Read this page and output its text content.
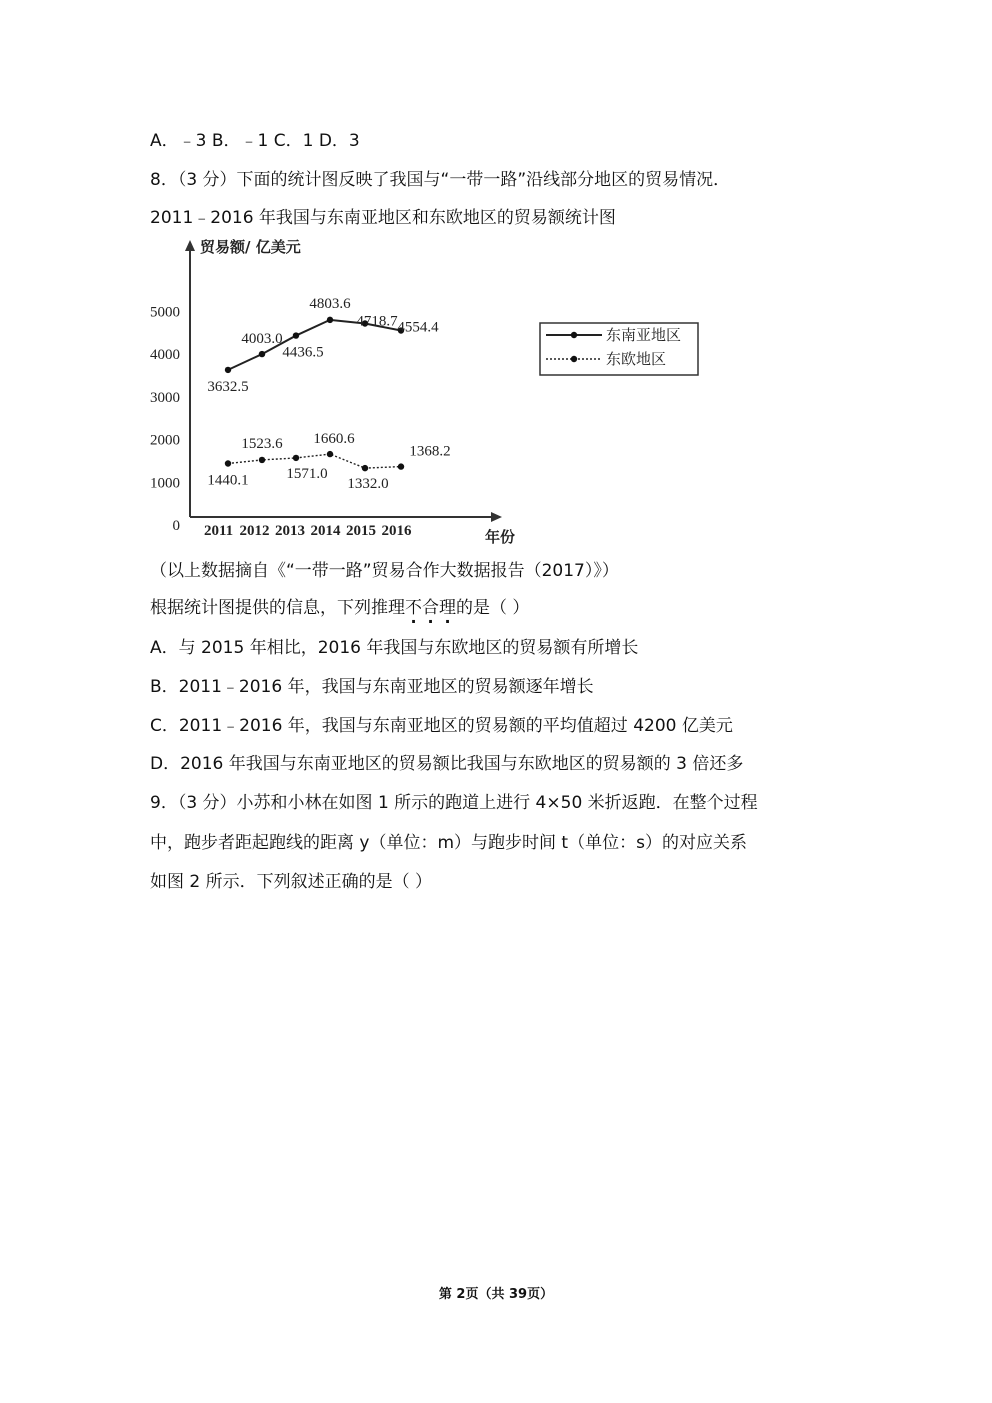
A．﹣3 B．﹣1 C．1 D．3
8．（3 分）下面的统计图反映了我国与“一带一路”沿线部分地区的贸易情况．
2011﹣2016 年我国与东南亚地区和东欧地区的贸易额统计图
贸易额/ 亿美元
年份
0
1000
2000
3000
4000
5000
2011 2012 2013 2014 2015 2016
3632.5
4003.0
4436.5
4803.6
4718.7 4554.4
1440.1
1523.6
1571.0
1660.6
1332.0
1368.2
东南亚地区
东欧地区
（以上数据摘自《“一带一路”贸易合作大数据报告（2017）》）
根据统计图提供的信息，下列推理不合理的是（ ）
A．与 2015 年相比，2016 年我国与东欧地区的贸易额有所增长
B．2011﹣2016 年，我国与东南亚地区的贸易额逐年增长
C．2011﹣2016 年，我国与东南亚地区的贸易额的平均值超过 4200 亿美元
D．2016 年我国与东南亚地区的贸易额比我国与东欧地区的贸易额的 3 倍还多
9．（3 分）小苏和小林在如图 1 所示的跑道上进行 4×50 米折返跑．在整个过程
中，跑步者距起跑线的距离 y（单位：m）与跑步时间 t（单位：s）的对应关系
如图 2 所示．下列叙述正确的是（ ）
第 2页（共 39页）
